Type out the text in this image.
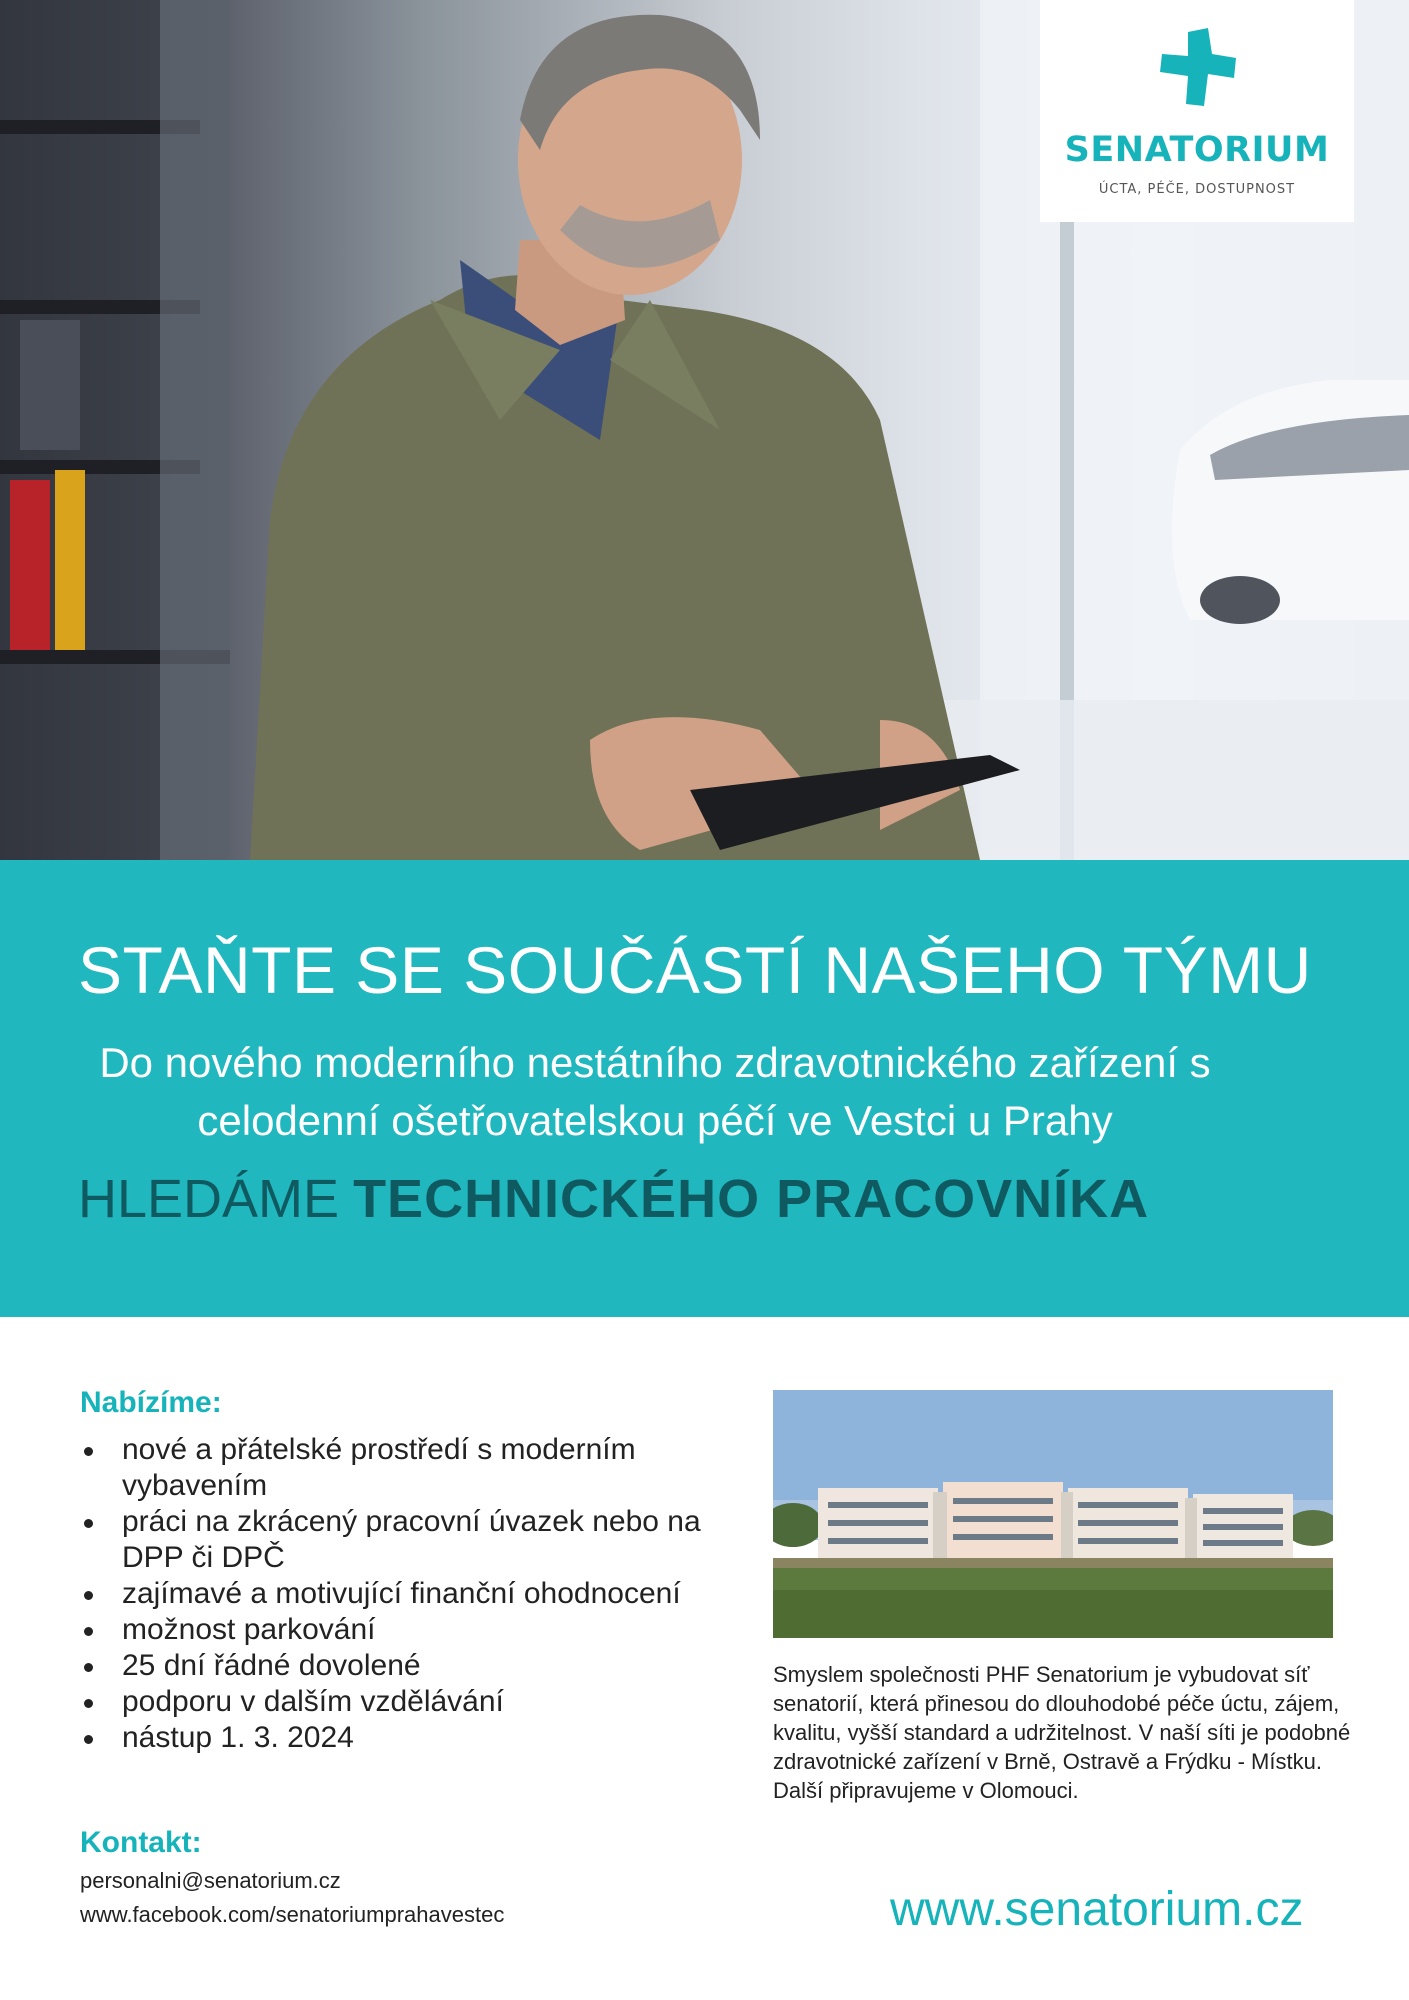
SENATORIUM
ÚCTA, PÉČE, DOSTUPNOST
STAŇTE SE SOUČÁSTÍ NAŠEHO TÝMU
Do nového moderního nestátního zdravotnického zařízení s
celodenní ošetřovatelskou péčí ve Vestci u Prahy
HLEDÁME TECHNICKÉHO PRACOVNÍKA
Nabízíme:
nové a přátelské prostředí s moderním vybavením
práci na zkrácený pracovní úvazek nebo na DPP či DPČ
zajímavé a motivující finanční ohodnocení
možnost parkování
25 dní řádné dovolené
podporu v dalším vzdělávání
nástup 1. 3. 2024
Smyslem společnosti PHF Senatorium je vybudovat síť senatorií, která přinesou do dlouhodobé péče úctu, zájem, kvalitu, vyšší standard a udržitelnost. V naší síti je podobné zdravotnické zařízení v Brně, Ostravě a Frýdku - Místku. Další připravujeme v Olomouci.
Kontakt:
personalni@senatorium.cz
www.facebook.com/senatoriumprahavestec	www.senatorium.cz
